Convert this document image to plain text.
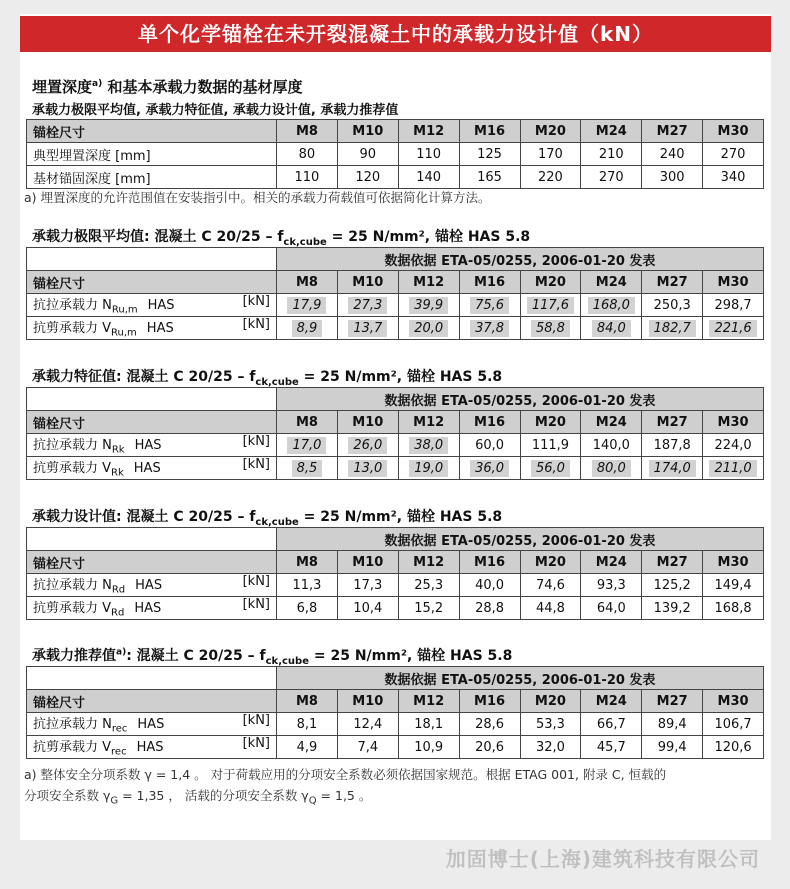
单个化学锚栓在未开裂混凝土中的承载力设计值（kN）
埋置深度$^{a)}$ 和基本承载力数据的基材厚度
承载力极限平均值, 承载力特征值, 承载力设计值, 承载力推荐值
锚栓尺寸	M8	M10	M12	M16	M20	M24	M27	M30
典型埋置深度 [mm]	80	90	110	125	170	210	240	270
基材锚固深度 [mm]	110	120	140	165	220	270	300	340
a) 埋置深度的允许范围值在安装指引中。相关的承载力荷载值可依据简化计算方法。
承载力极限平均值: 混凝土 C $20/25 - f_{ck,cube} = 25$ N/mm², 锚栓 HAS 5.8
	数据依据 ETA-05/0255, 2006-01-20 发表							
锚栓尺寸	M8	M10	M12	M16	M20	M24	M27	M30

抗拉承载力 $N_{Ru,m}$ HAS [kN]	17,9	27,3	39,9	75,6	117,6	168,0	250,3	298,7

抗剪承载力 $V_{Ru,m}$ HAS [kN]	8,9	13,7	20,0	37,8	58,8	84,0	182,7	221,6
承载力特征值: 混凝土 C $20/25 - f_{ck,cube} = 25$ N/mm², 锚栓 HAS 5.8
	数据依据 ETA-05/0255, 2006-01-20 发表							
锚栓尺寸	M8	M10	M12	M16	M20	M24	M27	M30

抗拉承载力 $N_{Rk}$ HAS [kN]	17,0	26,0	38,0	60,0	111,9	140,0	187,8	224,0

抗剪承载力 $V_{Rk}$ HAS [kN]	8,5	13,0	19,0	36,0	56,0	80,0	174,0	211,0
承载力设计值: 混凝土 C $20/25 - f_{ck,cube} = 25$ N/mm², 锚栓 HAS 5.8
	数据依据 ETA-05/0255, 2006-01-20 发表							
锚栓尺寸	M8	M10	M12	M16	M20	M24	M27	M30

抗拉承载力 $N_{Rd}$ HAS [kN]	11,3	17,3	25,3	40,0	74,6	93,3	125,2	149,4

抗剪承载力 $V_{Rd}$ HAS [kN]	6,8	10,4	15,2	28,8	44,8	64,0	139,2	168,8
承载力推荐值$^{a)}$: 混凝土 C $20/25 - f_{ck,cube} = 25$ N/mm², 锚栓 HAS 5.8
	数据依据 ETA-05/0255, 2006-01-20 发表							
锚栓尺寸	M8	M10	M12	M16	M20	M24	M27	M30

抗拉承载力 $N_{rec}$ HAS [kN]	8,1	12,4	18,1	28,6	53,3	66,7	89,4	106,7

抗剪承载力 $V_{rec}$ HAS [kN]	4,9	7,4	10,9	20,6	32,0	45,7	99,4	120,6
a) 整体安全分项系数 γ = 1,4 。 对于荷载应用的分项安全系数必须依据国家规范。根据 ETAG 001, 附录 C, 恒载的
分项安全系数 $\gamma_G = 1,35$ ， 活载的分项安全系数 $\gamma_Q = 1,5$ 。
加固博士(上海)建筑科技有限公司
